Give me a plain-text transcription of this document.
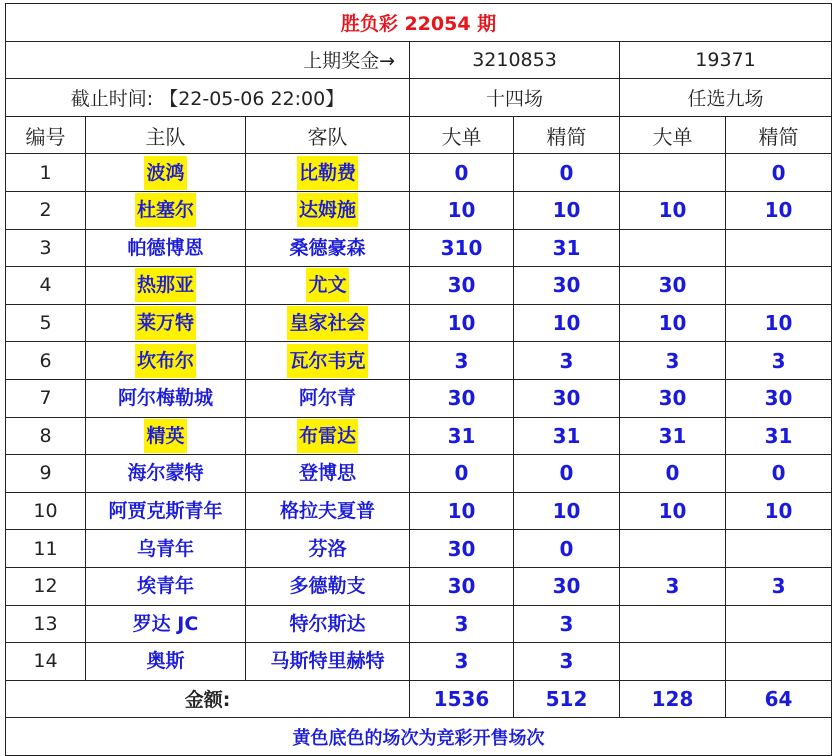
胜负彩 22054 期						
上期奖金→			3210853		19371	
截止时间: 【22-05-06 22:00】			十四场		任选九场	
编号	主队	客队	大单	精简	大单	精简
1	波鸿	比勒费	0	0		0
2	杜塞尔	达姆施	10	10	10	10
3	帕德博恩	桑德豪森	310	31		
4	热那亚	尤文	30	30	30	
5	莱万特	皇家社会	10	10	10	10
6	坎布尔	瓦尔韦克	3	3	3	3
7	阿尔梅勒城	阿尔青	30	30	30	30
8	精英	布雷达	31	31	31	31
9	海尔蒙特	登博思	0	0	0	0
10	阿贾克斯青年	格拉夫夏普	10	10	10	10
11	乌青年	芬洛	30	0		
12	埃青年	多德勒支	30	30	3	3
13	罗达 JC	特尔斯达	3	3		
14	奥斯	马斯特里赫特	3	3		
金额:			1536	512	128	64
黄色底色的场次为竞彩开售场次						
